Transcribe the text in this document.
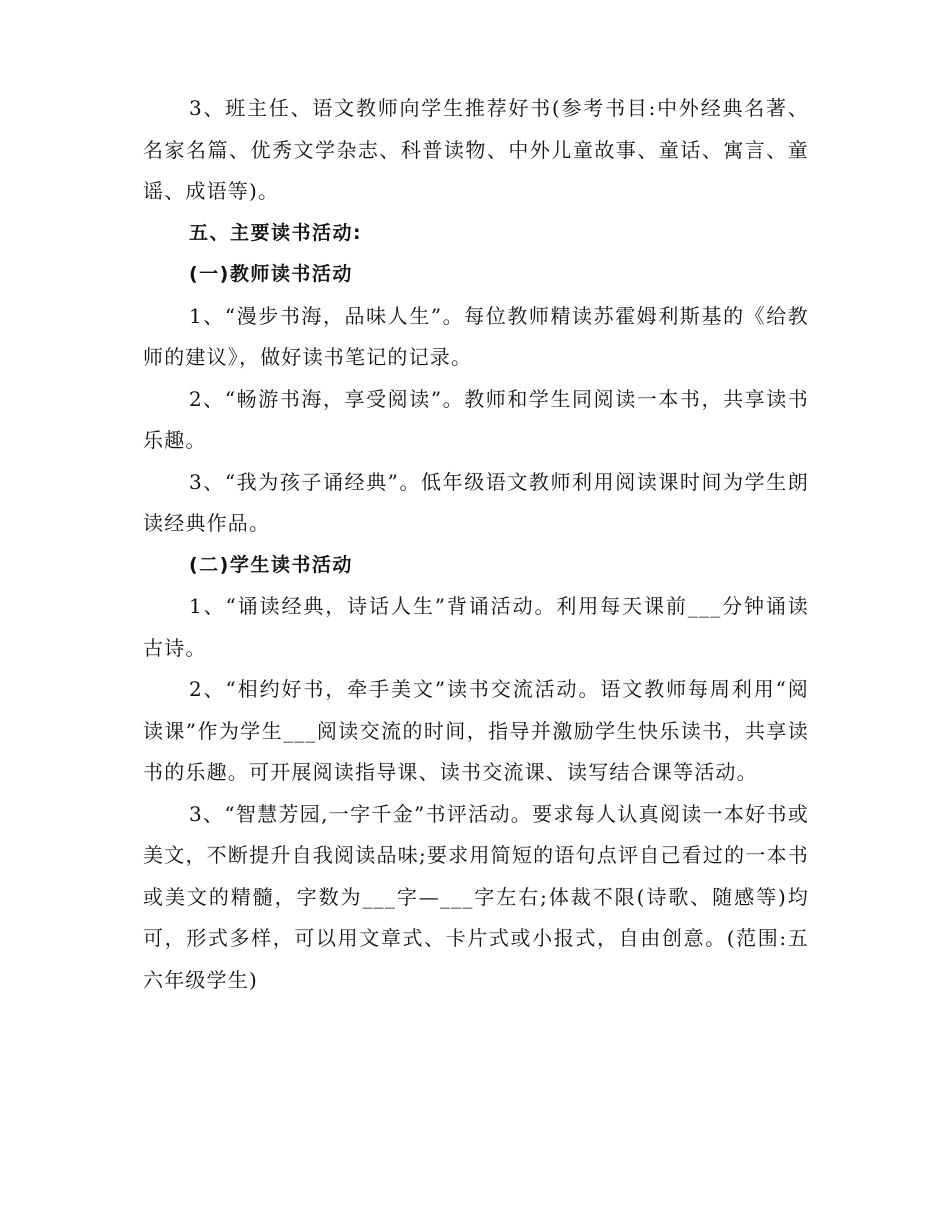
3、班主任、语文教师向学生推荐好书(参考书目:中外经典名著、名家名篇、优秀文学杂志、科普读物、中外儿童故事、童话、寓言、童谣、成语等)。

五、主要读书活动:

(一)教师读书活动

1、“漫步书海，品味人生”。每位教师精读苏霍姆利斯基的《给教师的建议》，做好读书笔记的记录。

2、“畅游书海，享受阅读”。教师和学生同阅读一本书，共享读书乐趣。

3、“我为孩子诵经典”。低年级语文教师利用阅读课时间为学生朗读经典作品。

(二)学生读书活动

1、“诵读经典，诗话人生”背诵活动。利用每天课前___分钟诵读古诗。

2、“相约好书，牵手美文”读书交流活动。语文教师每周利用“阅读课”作为学生___阅读交流的时间，指导并激励学生快乐读书，共享读书的乐趣。可开展阅读指导课、读书交流课、读写结合课等活动。

3、“智慧芳园,一字千金”书评活动。要求每人认真阅读一本好书或美文，不断提升自我阅读品味;要求用简短的语句点评自己看过的一本书或美文的精髓，字数为___字—___字左右;体裁不限(诗歌、随感等)均可，形式多样，可以用文章式、卡片式或小报式，自由创意。(范围:五六年级学生)
